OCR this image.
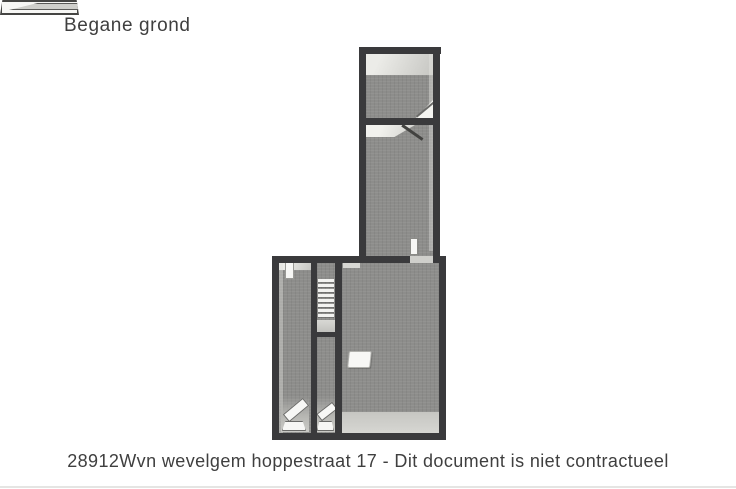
Begane grond
28912Wvn wevelgem hoppestraat 17 - Dit document is niet contractueel
